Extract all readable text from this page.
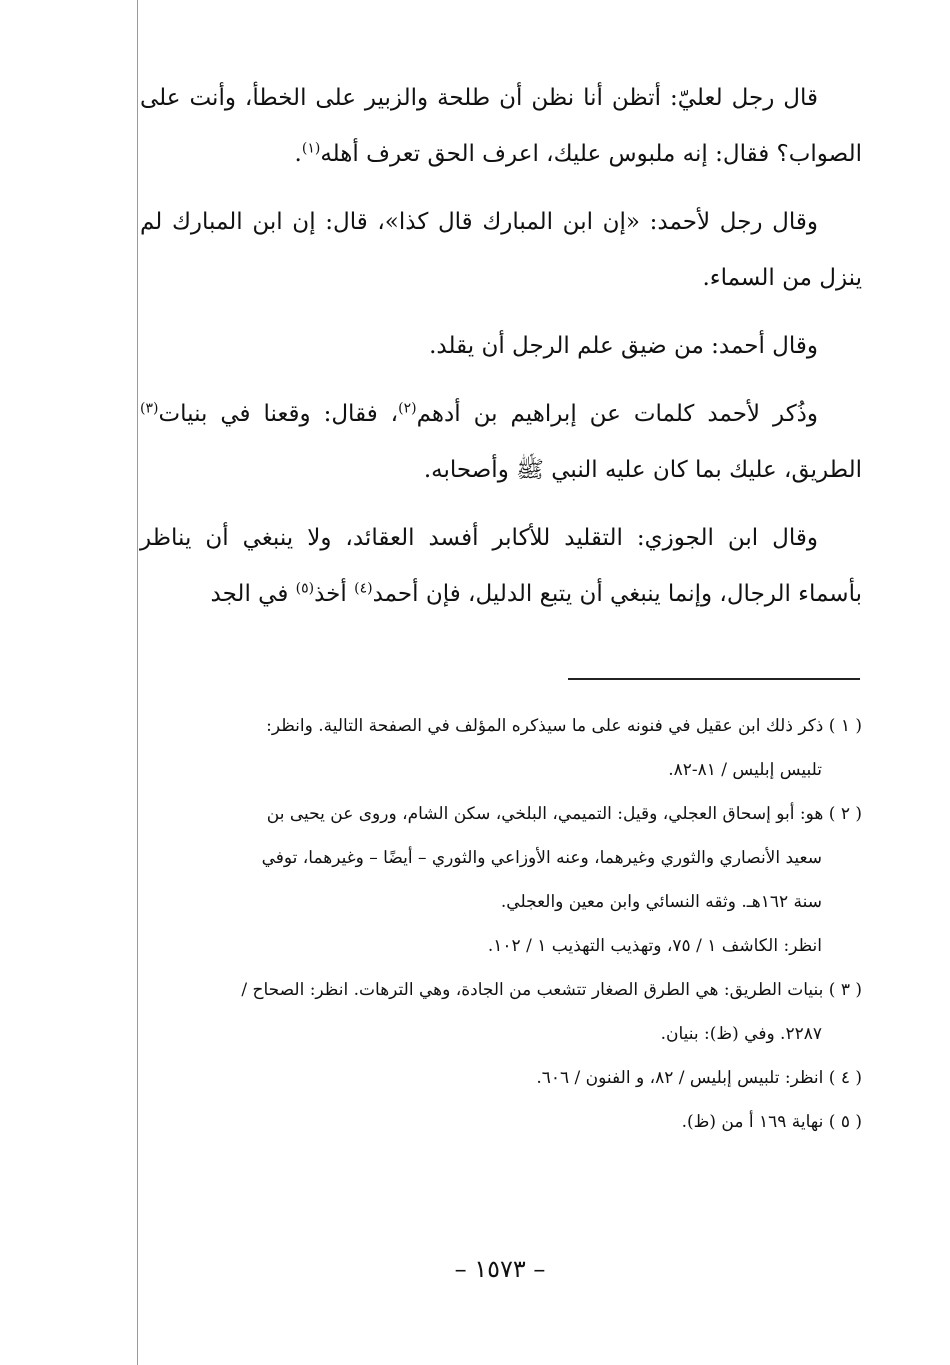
قال رجل لعليّ: أتظن أنا نظن أن طلحة والزبير على الخطأ، وأنت على الصواب؟ فقال: إنه ملبوس عليك، اعرف الحق تعرف أهله$^{(١)}$.

وقال رجل لأحمد: «إن ابن المبارك قال كذا»، قال: إن ابن المبارك لم ينزل من السماء.

وقال أحمد: من ضيق علم الرجل أن يقلد.

وذُكر لأحمد كلمات عن إبراهيم بن أدهم$^{(٢)}$، فقال: وقعنا في بنيات$^{(٣)}$ الطريق، عليك بما كان عليه النبي ﷺ وأصحابه.

وقال ابن الجوزي: التقليد للأكابر أفسد العقائد، ولا ينبغي أن يناظر بأسماء الرجال، وإنما ينبغي أن يتبع الدليل، فإن أحمد$^{(٤)}$ أخذ$^{(٥)}$ في الجد

( ١ ) ذكر ذلك ابن عقيل في فنونه على ما سيذكره المؤلف في الصفحة التالية. وانظر:
تلبيس إبليس / ٨١-٨٢.
( ٢ ) هو: أبو إسحاق العجلي، وقيل: التميمي، البلخي، سكن الشام، وروى عن يحيى بن
سعيد الأنصاري والثوري وغيرهما، وعنه الأوزاعي والثوري – أيضًا – وغيرهما، توفي
سنة ١٦٢هـ. وثقه النسائي وابن معين والعجلي.
انظر: الكاشف ١ / ٧٥، وتهذيب التهذيب ١ / ١٠٢.
( ٣ ) بنيات الطريق: هي الطرق الصغار تتشعب من الجادة، وهي الترهات. انظر: الصحاح /
٢٢٨٧. وفي (ظ): بنيان.
( ٤ ) انظر: تلبيس إبليس / ٨٢، و الفنون / ٦٠٦.
( ٥ ) نهاية ١٦٩ أ من (ظ).
– ١٥٧٣ –
